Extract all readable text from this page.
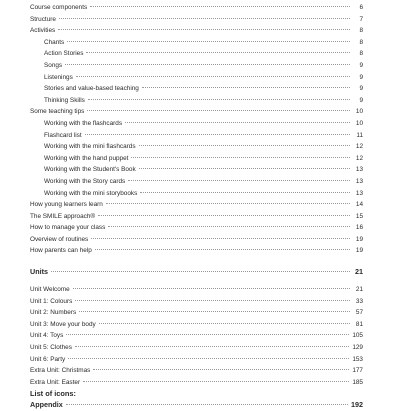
Course components	6
Structure	7
Activities	8
Chants	8
Action Stories	8
Songs	9
Listenings	9
Stories and value-based teaching	9
Thinking Skills	9
Some teaching tips	10
Working with the flashcards	10
Flashcard list	11
Working with the mini flashcards	12
Working with the hand puppet	12
Working with the Student's Book	13
Working with the Story cards	13
Working with the mini storybooks	13
How young learners learn	14
The SMILE approach®	15
How to manage your class	16
Overview of routines	19
How parents can help	19
Units	21
Unit Welcome	21
Unit 1: Colours	33
Unit 2: Numbers	57
Unit 3: Move your body	81
Unit 4: Toys	105
Unit 5: Clothes	129
Unit 6: Party	153
Extra Unit: Christmas	177
Extra Unit: Easter	185
Appendix	192
List of icons:
